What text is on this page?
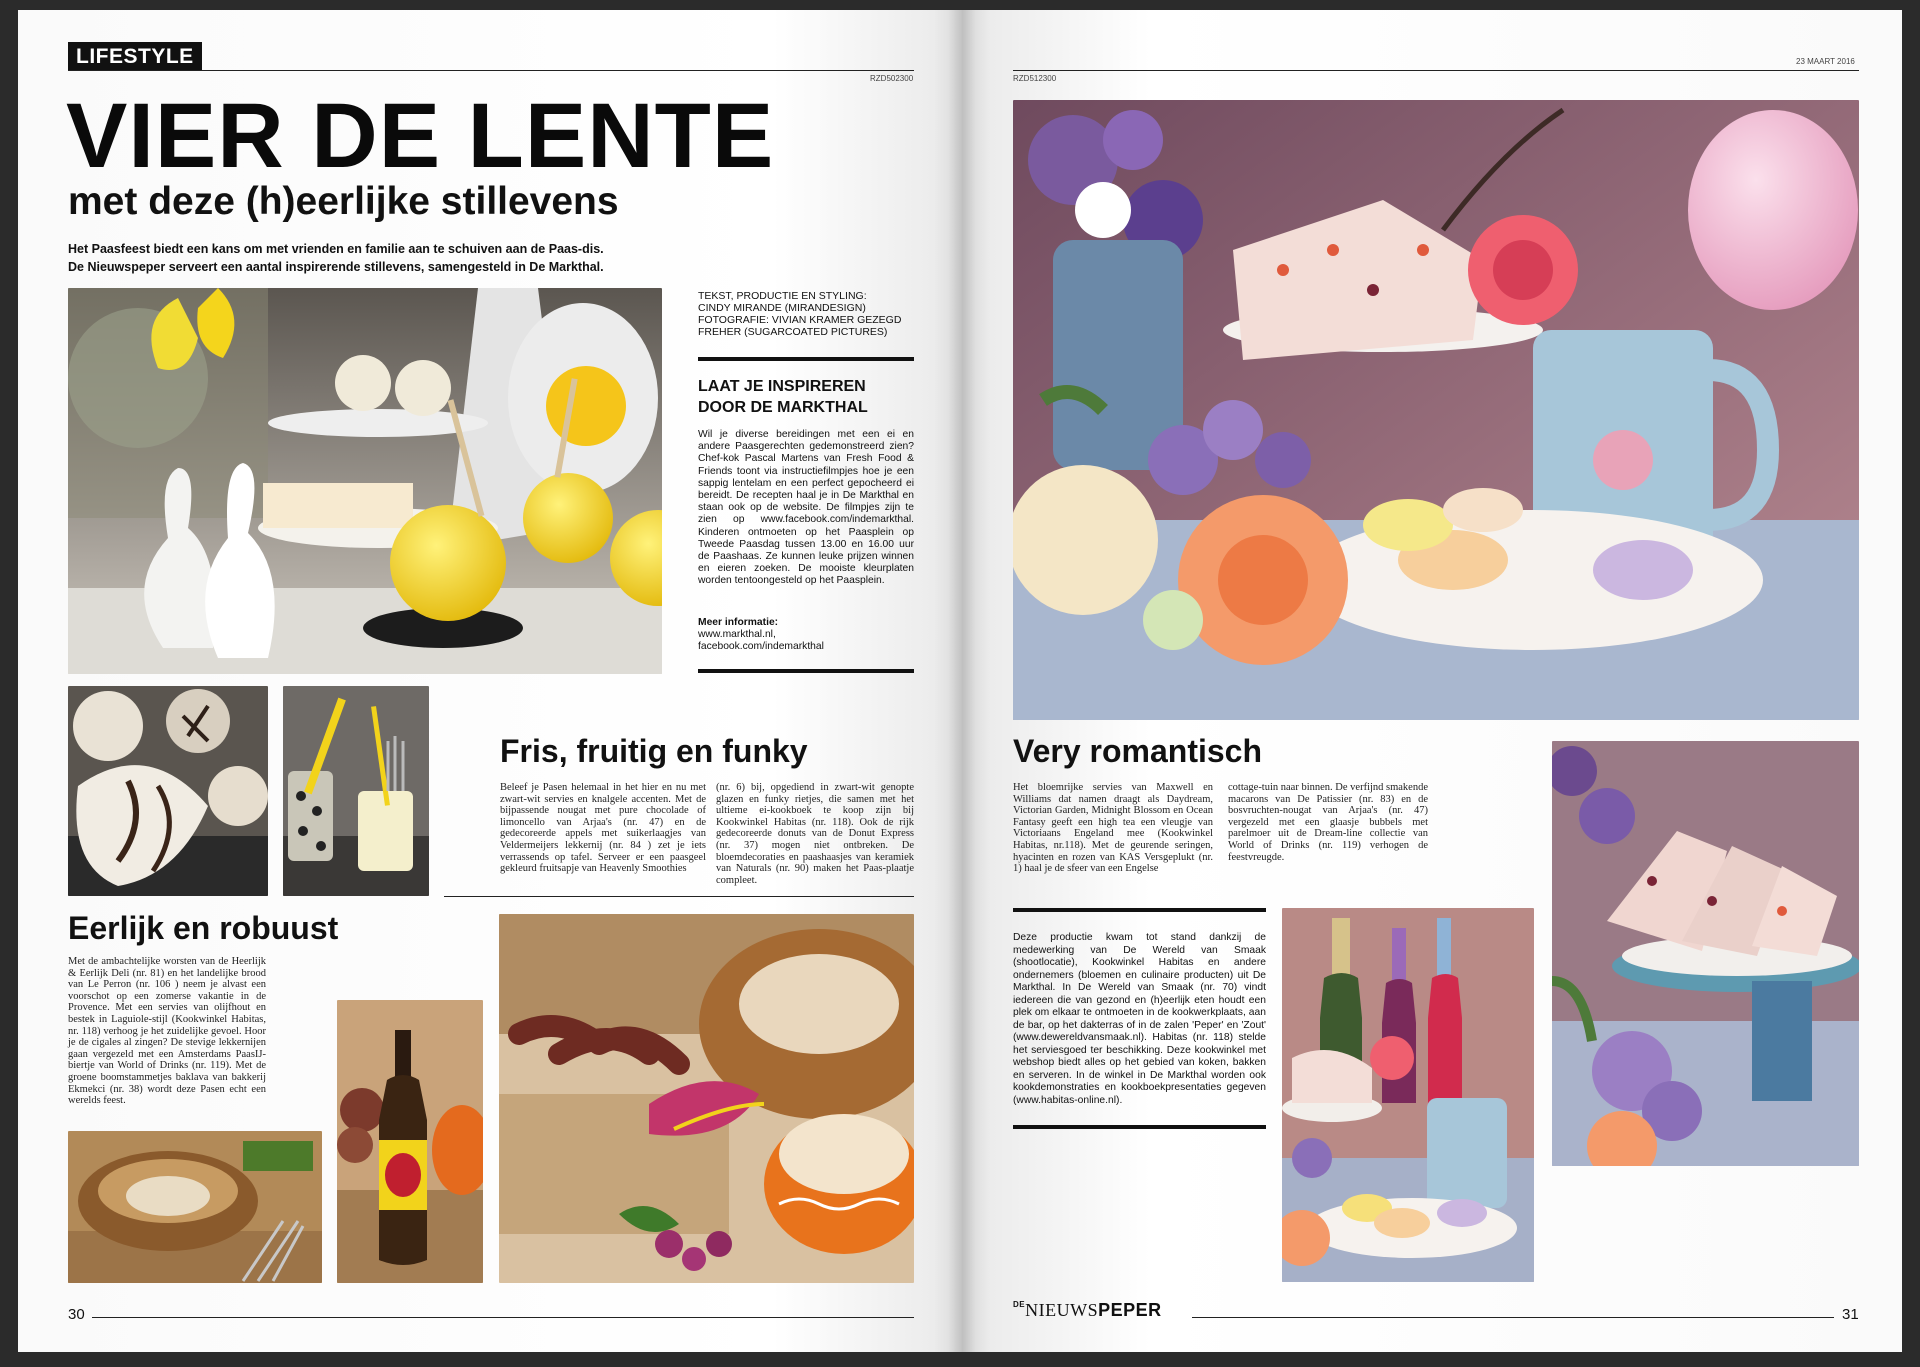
LIFESTYLE
RZD502300
VIER DE LENTE
met deze (h)eerlijke stillevens
Het Paasfeest biedt een kans om met vrienden en familie aan te schuiven aan de Paas-dis.
De Nieuwspeper serveert een aantal inspirerende stillevens, samengesteld in De Markthal.
TEKST, PRODUCTIE EN STYLING:
CINDY MIRANDE (MIRANDESIGN)
FOTOGRAFIE: VIVIAN KRAMER GEZEGD
FREHER (SUGARCOATED PICTURES)
LAAT JE INSPIREREN
DOOR DE MARKTHAL
Wil je diverse bereidingen met een ei en andere Paasgerechten gedemonstreerd zien? Chef-kok Pascal Martens van Fresh Food & Friends toont via instructiefilmpjes hoe je een sappig lentelam en een perfect gepocheerd ei bereidt. De recepten haal je in De Markthal en staan ook op de website. De filmpjes zijn te zien op www.facebook.com/indemarkthal. Kinderen ontmoeten op het Paasplein op Tweede Paasdag tussen 13.00 en 16.00 uur de Paashaas. Ze kunnen leuke prijzen winnen en eieren zoeken. De mooiste kleurplaten worden tentoongesteld op het Paasplein.
Meer informatie:
www.markthal.nl,
facebook.com/indemarkthal
Fris, fruitig en funky
Beleef je Pasen helemaal in het hier en nu met zwart-wit servies en knalgele accenten. Met de bijpassende nougat met pure chocolade of limoncello van Arjaa's (nr. 47) en de gedecoreerde appels met suikerlaagjes van Veldermeijers lekkernij (nr. 84 ) zet je iets verrassends op tafel. Serveer er een paasgeel gekleurd fruitsapje van Heavenly Smoothies
(nr. 6) bij, opgediend in zwart-wit genopte glazen en funky rietjes, die samen met het ultieme ei-kookboek te koop zijn bij Kookwinkel Habitas (nr. 118). Ook de rijk gedecoreerde donuts van de Donut Express (nr. 37) mogen niet ontbreken. De bloemdecoraties en paashaasjes van keramiek van Naturals (nr. 90) maken het Paas-plaatje compleet.
Eerlijk en robuust
Met de ambachtelijke worsten van de Heerlijk & Eerlijk Deli (nr. 81) en het landelijke brood van Le Perron (nr. 106 ) neem je alvast een voorschot op een zomerse vakantie in de Provence. Met een servies van olijfhout en bestek in Laguiole-stijl (Kookwinkel Habitas, nr. 118) verhoog je het zuidelijke gevoel. Hoor je de cigales al zingen? De stevige lekkernijen gaan vergezeld met een Amsterdams PaasIJ-biertje van World of Drinks (nr. 119). Met de groene boomstammetjes baklava van bakkerij Ekmekci (nr. 38) wordt deze Pasen echt een werelds feest.
30
23 MAART 2016
RZD512300
Very romantisch
Het bloemrijke servies van Maxwell en Williams dat namen draagt als Daydream, Victorian Garden, Midnight Blossom en Ocean Fantasy geeft een high tea een vleugje van Victoriaans Engeland mee (Kookwinkel Habitas, nr.118). Met de geurende seringen, hyacinten en rozen van KAS Versgeplukt (nr. 1) haal je de sfeer van een Engelse
cottage-tuin naar binnen. De verfijnd smakende macarons van De Patissier (nr. 83) en de bosvruchten-nougat van Arjaa's (nr. 47) vergezeld met een glaasje bubbels met parelmoer uit de Dream-line collectie van World of Drinks (nr. 119) verhogen de feestvreugde.
Deze productie kwam tot stand dankzij de medewerking van De Wereld van Smaak (shootlocatie), Kookwinkel Habitas en andere ondernemers (bloemen en culinaire producten) uit De Markthal. In De Wereld van Smaak (nr. 70) vindt iedereen die van gezond en (h)eerlijk eten houdt een plek om elkaar te ontmoeten in de kookwerkplaats, aan de bar, op het dakterras of in de zalen 'Peper' en 'Zout' (www.dewereldvansmaak.nl). Habitas (nr. 118) stelde het serviesgoed ter beschikking. Deze kookwinkel met webshop biedt alles op het gebied van koken, bakken en serveren. In de winkel in De Markthal worden ook kookdemonstraties en kookboekpresentaties gegeven (www.habitas-online.nl).
$^{DE}$NIEUWSPEPER	31
